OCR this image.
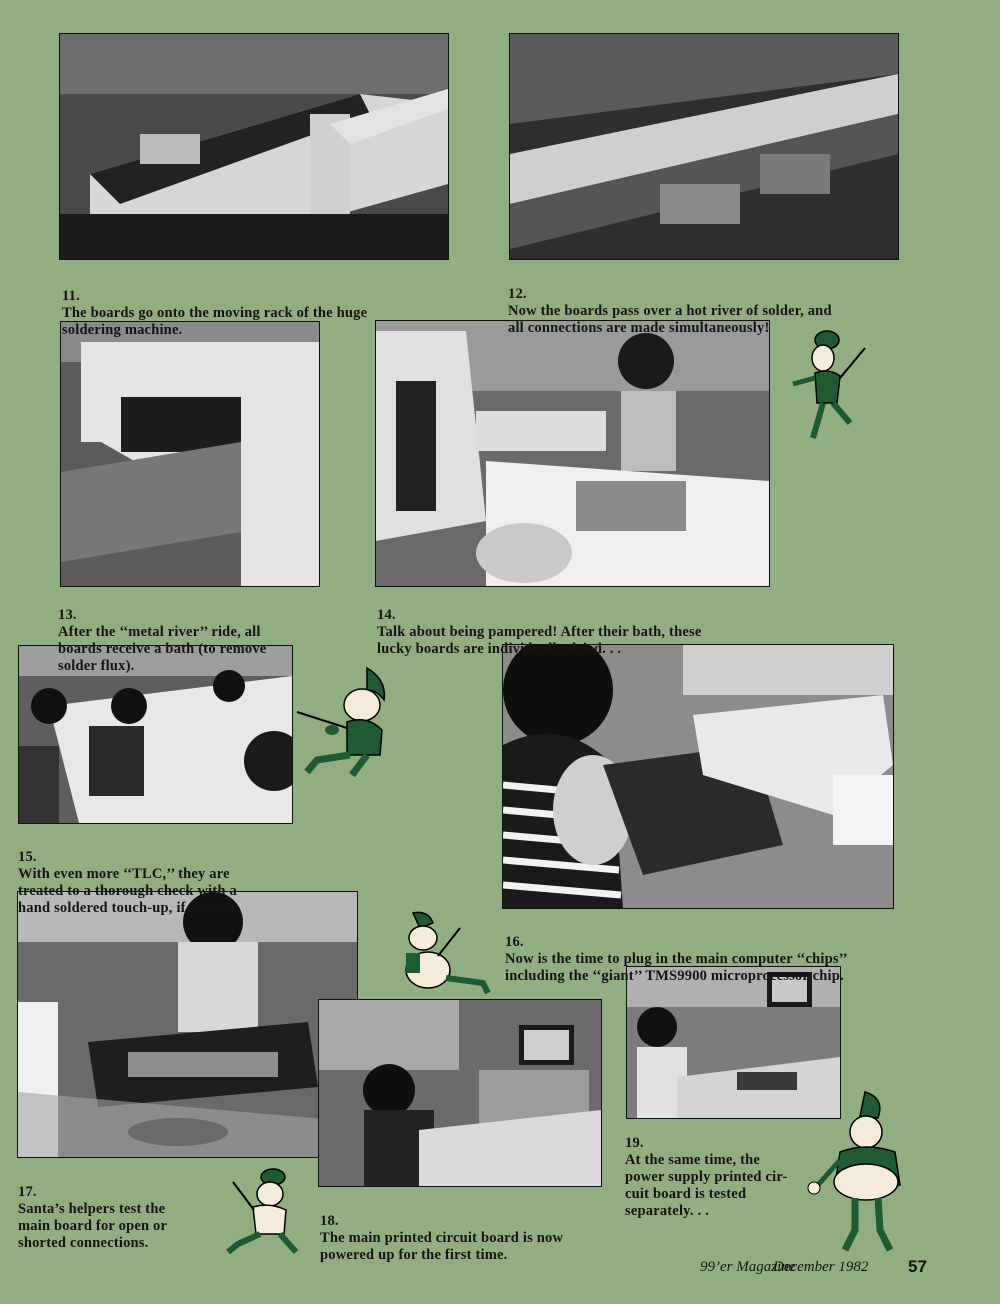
11.
The boards go onto the moving rack of the huge
soldering machine.

12.
Now the boards pass over a hot river of solder, and
all connections are made simultaneously!

13.
After the ‘‘metal river’’ ride, all
boards receive a bath (to remove
solder flux).

14.
Talk about being pampered! After their bath, these
lucky boards are individually dried. . .

15.
With even more ‘‘TLC,’’ they are
treated to a thorough check with a
hand soldered touch-up, if needed.

16.
Now is the time to plug in the main computer ‘‘chips’’
including the ‘‘giant’’ TMS9900 microprocessor chip.

17.
Santa’s helpers test the
main board for open or
shorted connections.

18.
The main printed circuit board is now
powered up for the first time.

19.
At the same time, the
power supply printed cir-
cuit board is tested
separately. . .

99’er Magazine
December 1982 57
